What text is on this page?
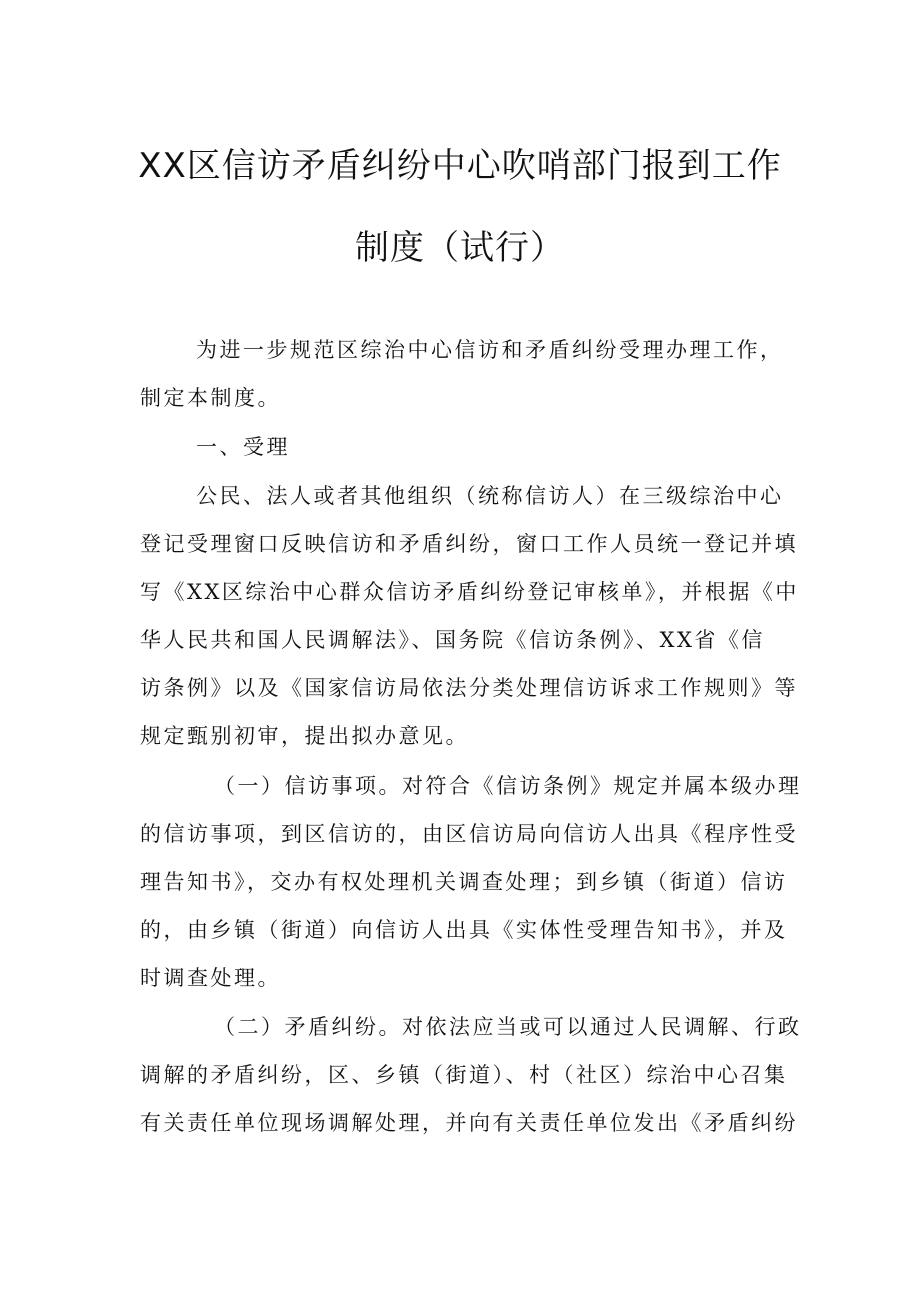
XX区信访矛盾纠纷中心吹哨部门报到工作
制度（试行）
为进一步规范区综治中心信访和矛盾纠纷受理办理工作，
制定本制度。
一、受理
公民、法人或者其他组织（统称信访人）在三级综治中心
登记受理窗口反映信访和矛盾纠纷，窗口工作人员统一登记并填
写《XX区综治中心群众信访矛盾纠纷登记审核单》，并根据《中
华人民共和国人民调解法》、国务院《信访条例》、XX省《信
访条例》以及《国家信访局依法分类处理信访诉求工作规则》等
规定甄别初审，提出拟办意见。
（一）信访事项。对符合《信访条例》规定并属本级办理
的信访事项，到区信访的，由区信访局向信访人出具《程序性受
理告知书》，交办有权处理机关调查处理；到乡镇（街道）信访
的，由乡镇（街道）向信访人出具《实体性受理告知书》，并及
时调查处理。
（二）矛盾纠纷。对依法应当或可以通过人民调解、行政
调解的矛盾纠纷，区、乡镇（街道）、村（社区）综治中心召集
有关责任单位现场调解处理，并向有关责任单位发出《矛盾纠纷
